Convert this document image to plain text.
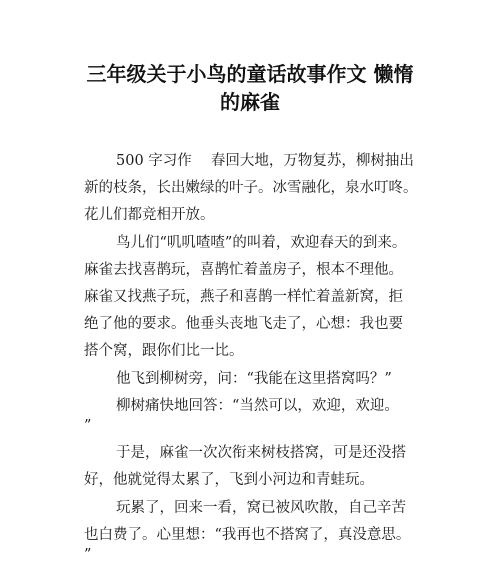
三年级关于小鸟的童话故事作文 懒惰
的麻雀
500 字习作　 春回大地，万物复苏，柳树抽出
新的枝条，长出嫩绿的叶子。冰雪融化，泉水叮咚。
花儿们都竞相开放。
鸟儿们“叽叽喳喳”的叫着，欢迎春天的到来。
麻雀去找喜鹊玩，喜鹊忙着盖房子，根本不理他。
麻雀又找燕子玩，燕子和喜鹊一样忙着盖新窝，拒
绝了他的要求。他垂头丧地飞走了，心想：我也要
搭个窝，跟你们比一比。
他飞到柳树旁，问：“我能在这里搭窝吗？”
柳树痛快地回答：“当然可以，欢迎，欢迎。
”
于是，麻雀一次次衔来树枝搭窝，可是还没搭
好，他就觉得太累了，飞到小河边和青蛙玩。
玩累了，回来一看，窝已被风吹散，自己辛苦
也白费了。心里想：“我再也不搭窝了，真没意思。
”
